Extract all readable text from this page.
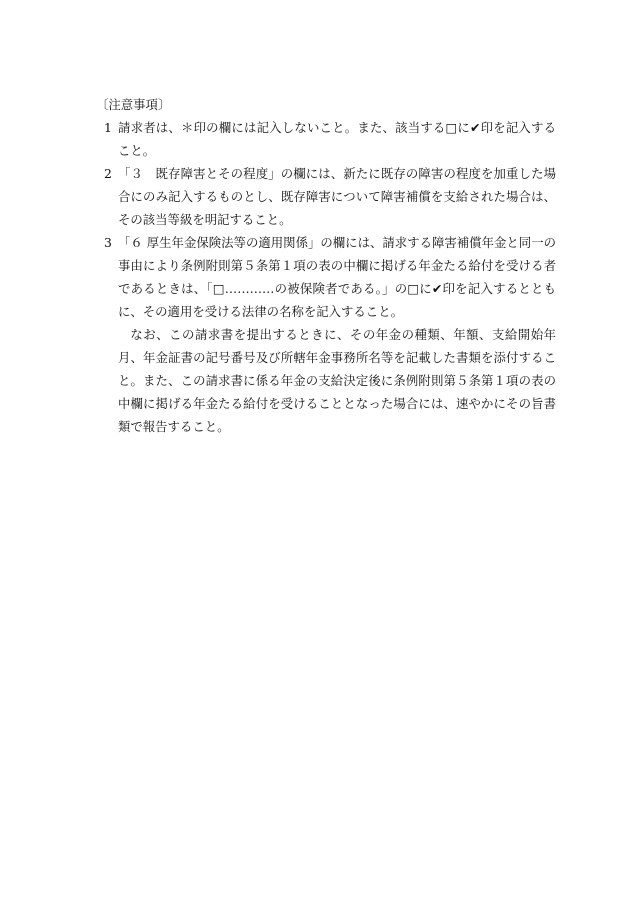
〔注意事項〕
1 請求者は、＊印の欄には記入しないこと。また、該当する□に✔印を記入すること。
2 「３　既存障害とその程度」の欄には、新たに既存の障害の程度を加重した場合にのみ記入するものとし、既存障害について障害補償を支給された場合は、その該当等級を明記すること。
3 「６ 厚生年金保険法等の適用関係」の欄には、請求する障害補償年金と同一の事由により条例附則第５条第１項の表の中欄に掲げる年金たる給付を受ける者であるときは、「□…………の被保険者である。」の□に✔印を記入するとともに、その適用を受ける法律の名称を記入すること。
なお、この請求書を提出するときに、その年金の種類、年額、支給開始年月、年金証書の記号番号及び所轄年金事務所名等を記載した書類を添付すること。また、この請求書に係る年金の支給決定後に条例附則第５条第１項の表の中欄に掲げる年金たる給付を受けることとなった場合には、速やかにその旨書類で報告すること。
